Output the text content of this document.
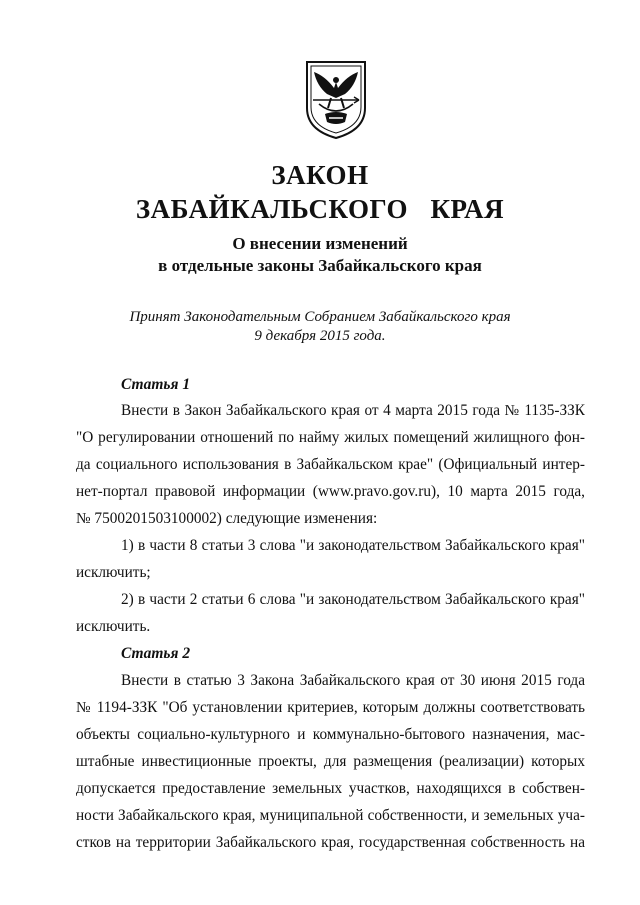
ЗАКОН
ЗАБАЙКАЛЬСКОГО  КРАЯ
О внесении изменений
в отдельные законы Забайкальского края
Принят Законодательным Собранием Забайкальского края
9 декабря 2015 года.
Статья 1
Внести в Закон Забайкальского края от 4 марта 2015 года № 1135-ЗЗК
"О регулировании отношений по найму жилых помещений жилищного фон-
да социального использования в Забайкальском крае" (Официальный интер-
нет-портал правовой информации (www.pravo.gov.ru), 10 марта 2015 года,
№ 7500201503100002) следующие изменения:
1) в части 8 статьи 3 слова "и законодательством Забайкальского края"
исключить;
2) в части 2 статьи 6 слова "и законодательством Забайкальского края"
исключить.
Статья 2
Внести в статью 3 Закона Забайкальского края от 30 июня 2015 года
№ 1194-ЗЗК "Об установлении критериев, которым должны соответствовать
объекты социально-культурного и коммунально-бытового назначения, мас-
штабные инвестиционные проекты, для размещения (реализации) которых
допускается предоставление земельных участков, находящихся в собствен-
ности Забайкальского края, муниципальной собственности, и земельных уча-
стков на территории Забайкальского края, государственная собственность на
